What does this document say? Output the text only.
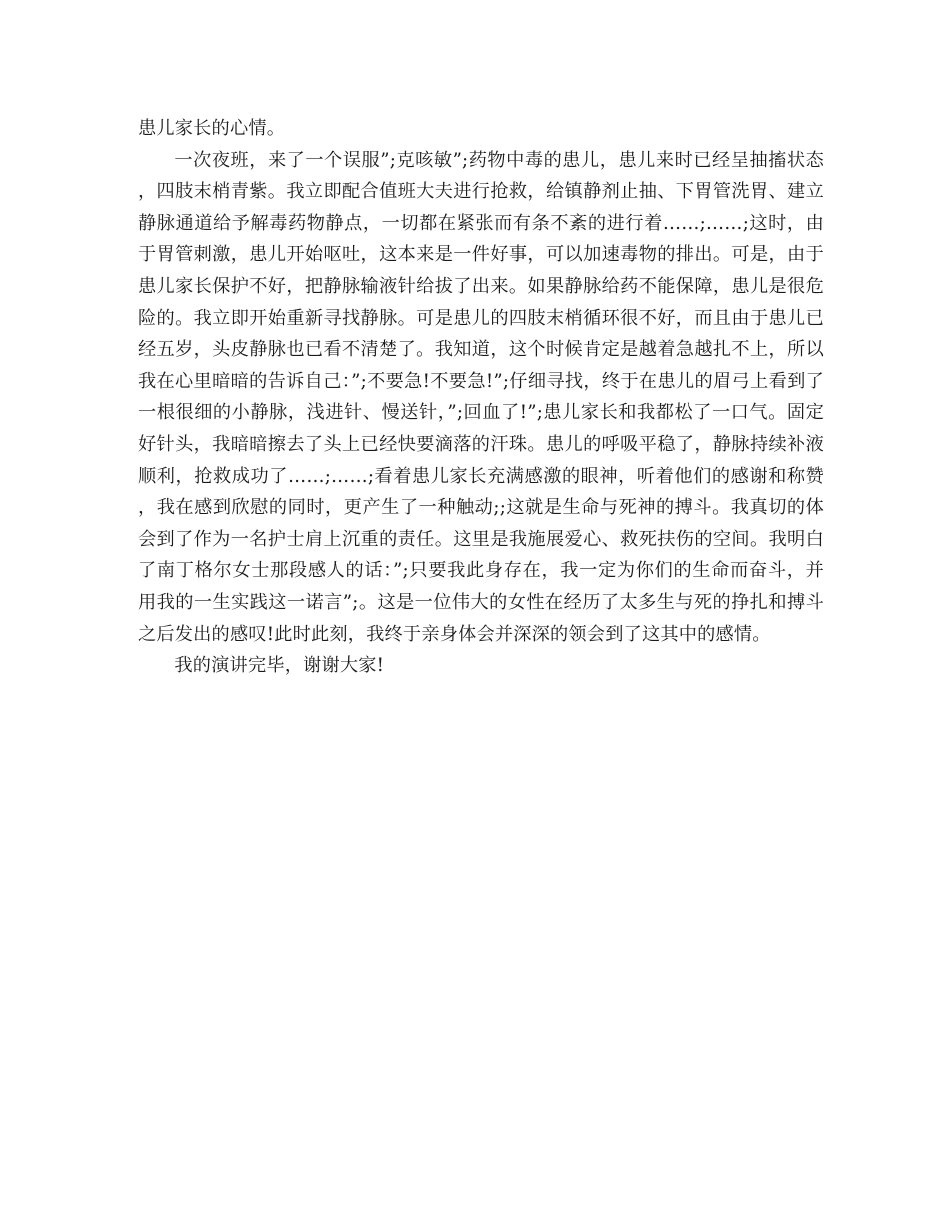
患儿家长的心情。

一次夜班，来了一个误服”;克咳敏”;药物中毒的患儿，患儿来时已经呈抽搐状态，四肢末梢青紫。我立即配合值班大夫进行抢救，给镇静剂止抽、下胃管洗胃、建立静脉通道给予解毒药物静点，一切都在紧张而有条不紊的进行着……;……;这时，由于胃管刺激，患儿开始呕吐，这本来是一件好事，可以加速毒物的排出。可是，由于患儿家长保护不好，把静脉输液针给拔了出来。如果静脉给药不能保障，患儿是很危险的。我立即开始重新寻找静脉。可是患儿的四肢末梢循环很不好，而且由于患儿已经五岁，头皮静脉也已看不清楚了。我知道，这个时候肯定是越着急越扎不上，所以我在心里暗暗的告诉自己：”;不要急!不要急!”;仔细寻找，终于在患儿的眉弓上看到了一根很细的小静脉，浅进针、慢送针，”;回血了!”;患儿家长和我都松了一口气。固定好针头，我暗暗擦去了头上已经快要滴落的汗珠。患儿的呼吸平稳了，静脉持续补液顺利，抢救成功了……;……;看着患儿家长充满感激的眼神，听着他们的感谢和称赞，我在感到欣慰的同时，更产生了一种触动;;这就是生命与死神的搏斗。我真切的体会到了作为一名护士肩上沉重的责任。这里是我施展爱心、救死扶伤的空间。我明白了南丁格尔女士那段感人的话：”;只要我此身存在，我一定为你们的生命而奋斗，并用我的一生实践这一诺言”;。这是一位伟大的女性在经历了太多生与死的挣扎和搏斗之后发出的感叹!此时此刻，我终于亲身体会并深深的领会到了这其中的感情。

我的演讲完毕，谢谢大家!
